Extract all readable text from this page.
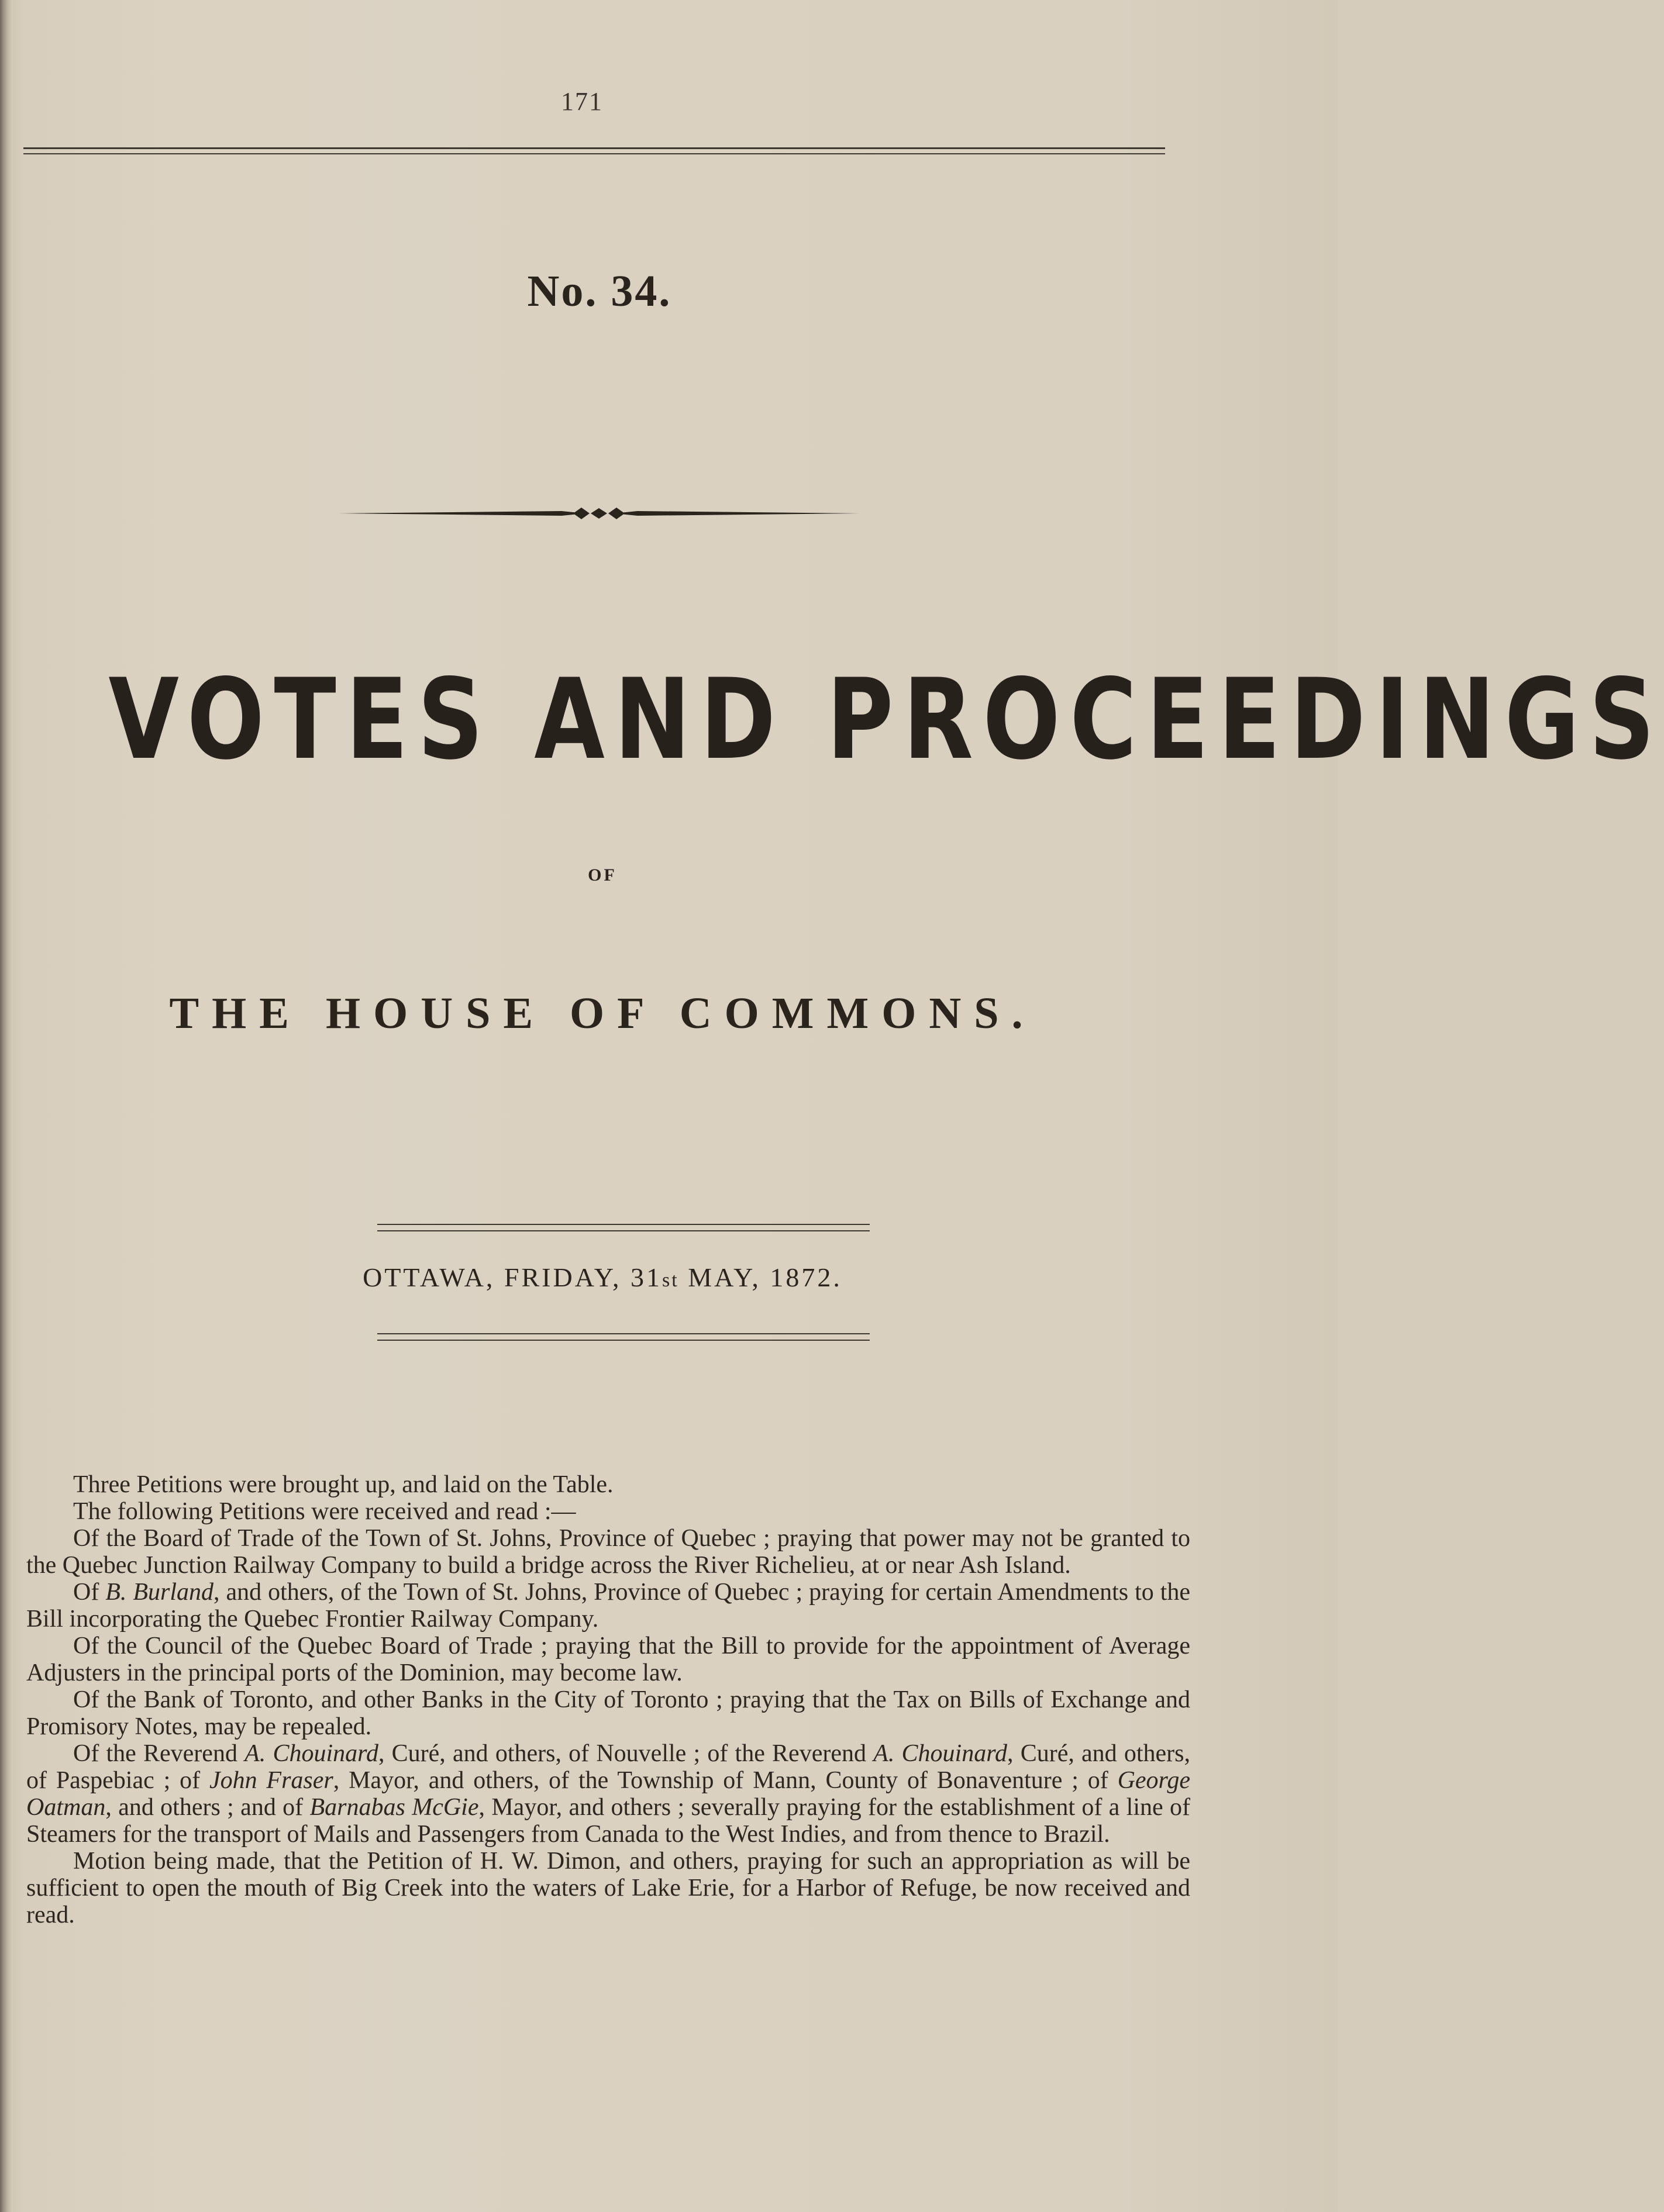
171
No. 34.
VOTES AND PROCEEDINGS
OF
THE HOUSE OF COMMONS.
OTTAWA, FRIDAY, 31st MAY, 1872.

Three Petitions were brought up, and laid on the Table.

The following Petitions were received and read :—

Of the Board of Trade of the Town of St. Johns, Province of Quebec ; praying that power may not be granted to the Quebec Junction Railway Company to build a bridge across the River Richelieu, at or near Ash Island.

Of B. Burland, and others, of the Town of St. Johns, Province of Quebec ; praying for certain Amendments to the Bill incorporating the Quebec Frontier Railway Company.

Of the Council of the Quebec Board of Trade ; praying that the Bill to provide for the appointment of Average Adjusters in the principal ports of the Dominion, may become law.

Of the Bank of Toronto, and other Banks in the City of Toronto ; praying that the Tax on Bills of Exchange and Promisory Notes, may be repealed.

Of the Reverend A. Chouinard, Curé, and others, of Nouvelle ; of the Reverend A. Chouinard, Curé, and others, of Paspebiac ; of John Fraser, Mayor, and others, of the Township of Mann, County of Bonaventure ; of George Oatman, and others ; and of Barnabas McGie, Mayor, and others ; severally praying for the establishment of a line of Steamers for the transport of Mails and Passengers from Canada to the West Indies, and from thence to Brazil.

Motion being made, that the Petition of H. W. Dimon, and others, praying for such an appropriation as will be sufficient to open the mouth of Big Creek into the waters of Lake Erie, for a Harbor of Refuge, be now received and read.
